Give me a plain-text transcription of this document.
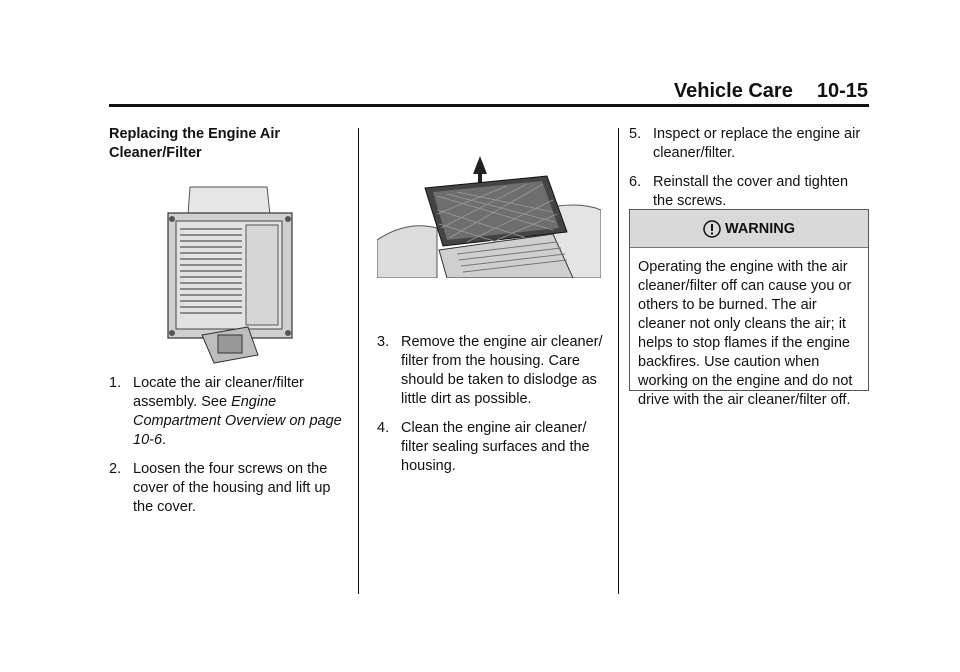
Vehicle Care 10-15

Replacing the Engine Air
Cleaner/Filter

1. Locate the air cleaner/filter assembly. See Engine Compartment Overview on page 10-6.

2. Loosen the four screws on the cover of the housing and lift up the cover.

3. Remove the engine air cleaner/ filter from the housing. Care should be taken to dislodge as little dirt as possible.

4. Clean the engine air cleaner/ filter sealing surfaces and the housing.

5. Inspect or replace the engine air cleaner/filter.

6. Reinstall the cover and tighten the screws.

WARNING
Operating the engine with the air cleaner/filter off can cause you or others to be burned. The air cleaner not only cleans the air; it helps to stop flames if the engine backfires. Use caution when working on the engine and do not drive with the air cleaner/filter off.
